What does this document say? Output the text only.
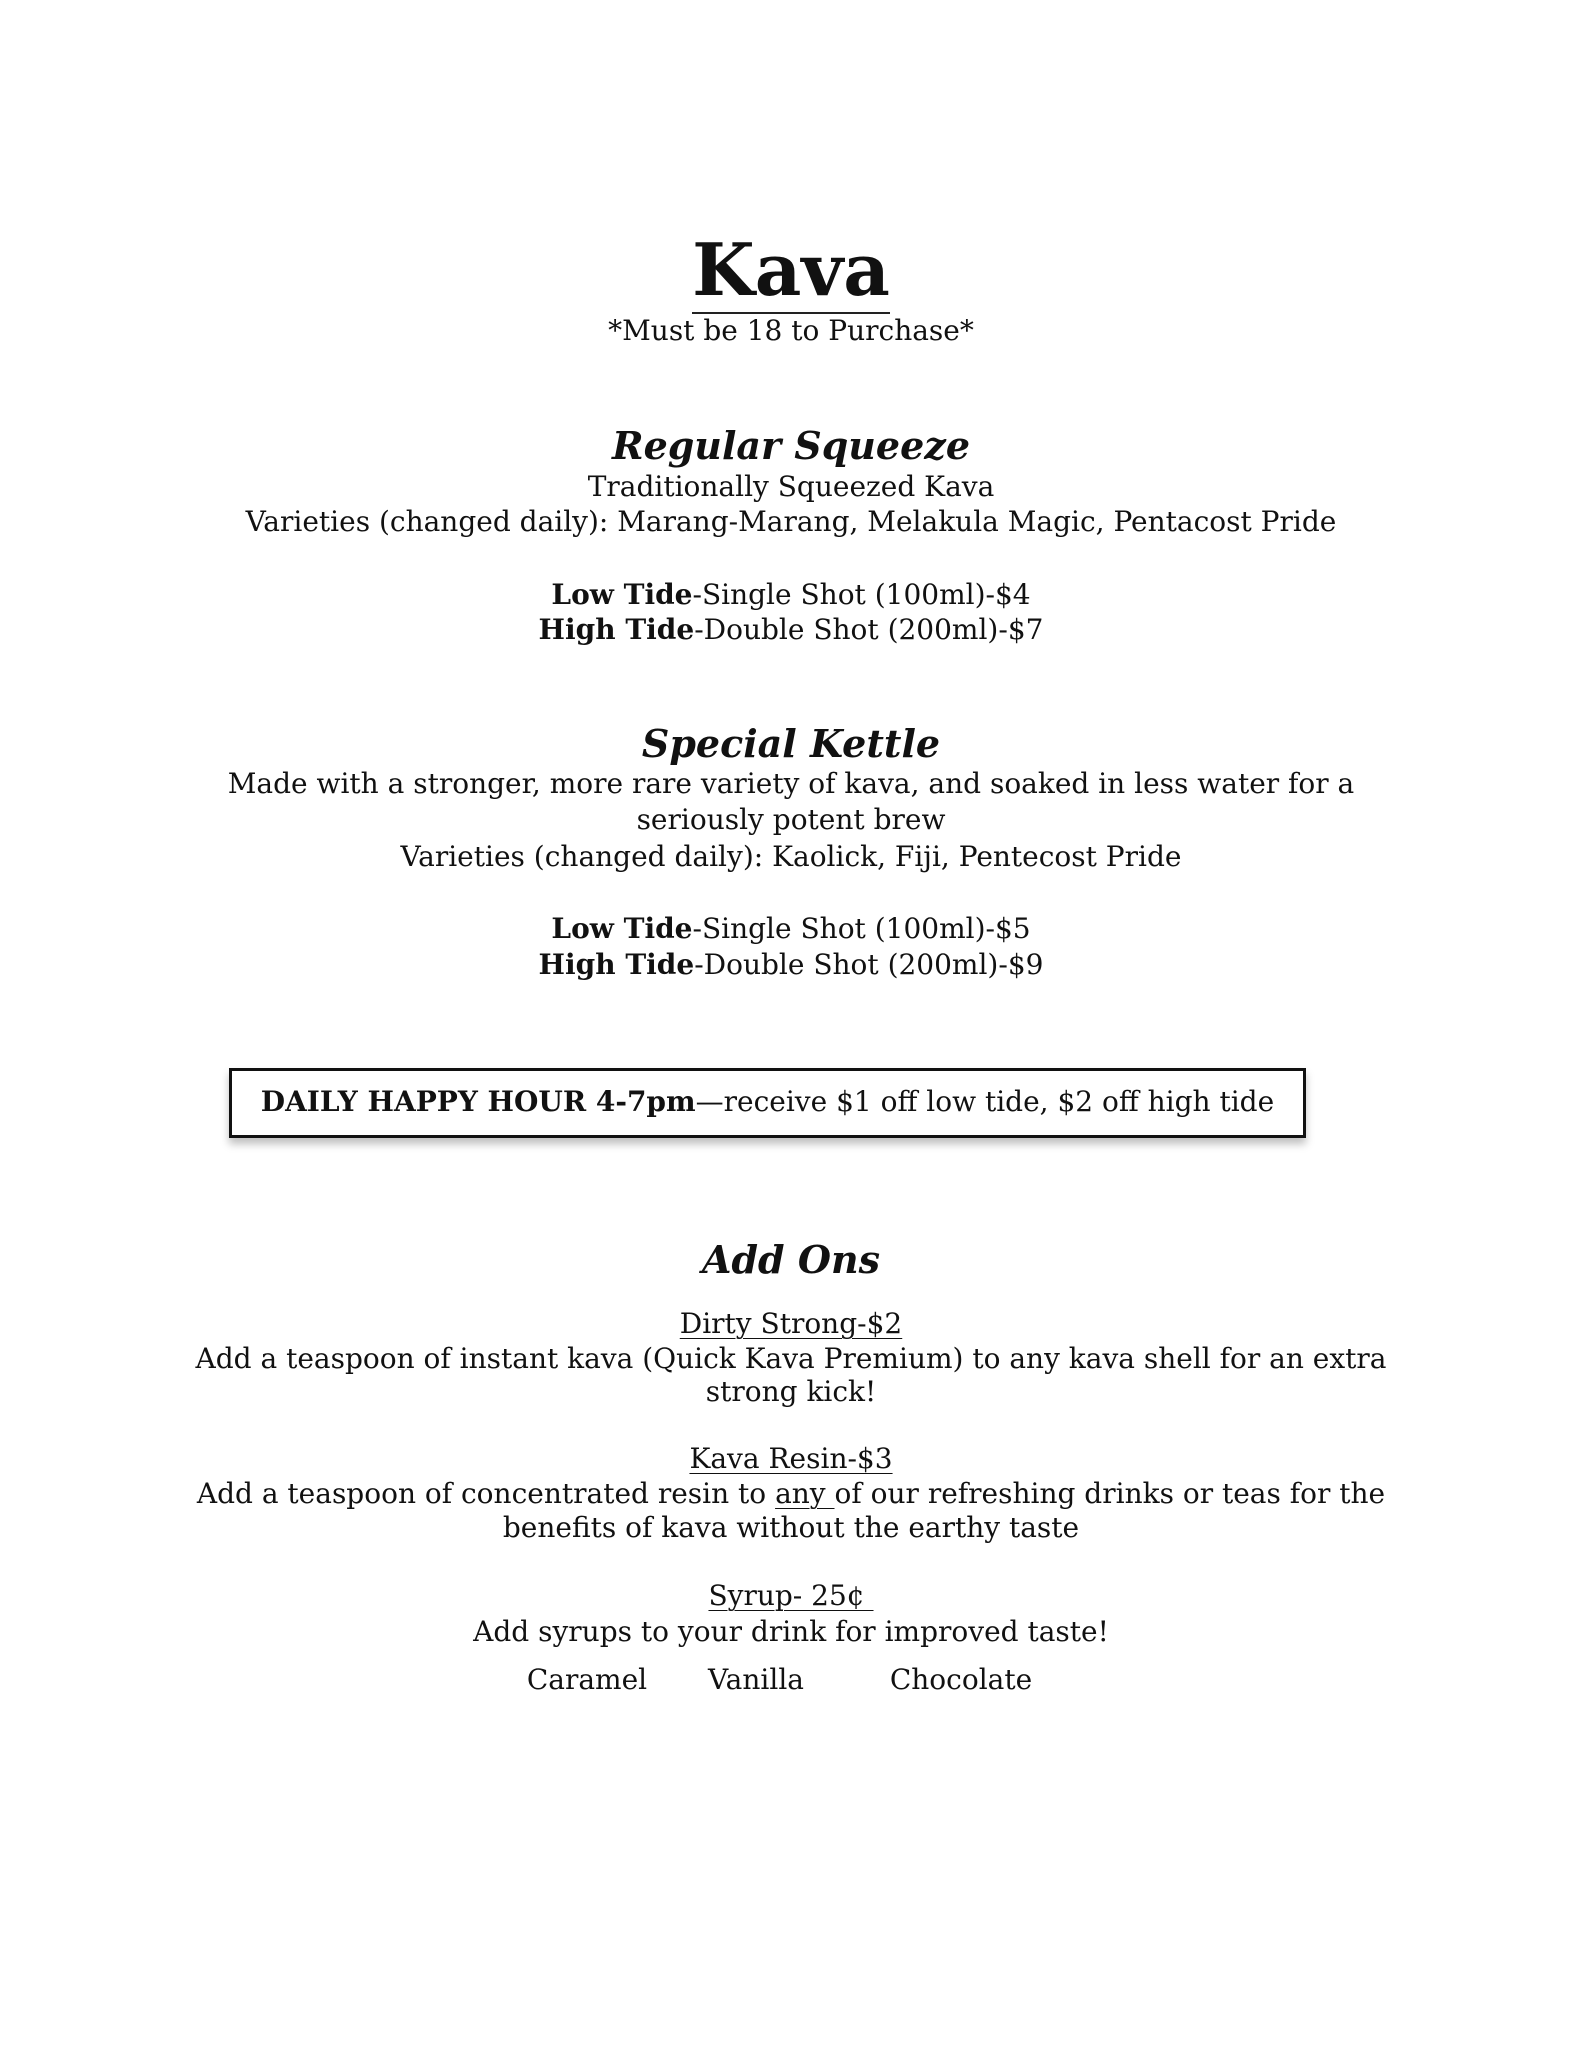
Kava
*Must be 18 to Purchase*
Regular Squeeze
Traditionally Squeezed Kava
Varieties (changed daily): Marang-Marang, Melakula Magic, Pentacost Pride
Low Tide-Single Shot (100ml)-$4
High Tide-Double Shot (200ml)-$7
Special Kettle
Made with a stronger, more rare variety of kava, and soaked in less water for a
seriously potent brew
Varieties (changed daily): Kaolick, Fiji, Pentecost Pride
Low Tide-Single Shot (100ml)-$5
High Tide-Double Shot (200ml)-$9
DAILY HAPPY HOUR 4-7pm—receive $1 off low tide, $2 off high tide
Add Ons
Dirty Strong-$2
Add a teaspoon of instant kava (Quick Kava Premium) to any kava shell for an extra
strong kick!
Kava Resin-$3
Add a teaspoon of concentrated resin to any of our refreshing drinks or teas for the
benefits of kava without the earthy taste
Syrup- 25¢
Add syrups to your drink for improved taste!
Caramel Vanilla	Chocolate
